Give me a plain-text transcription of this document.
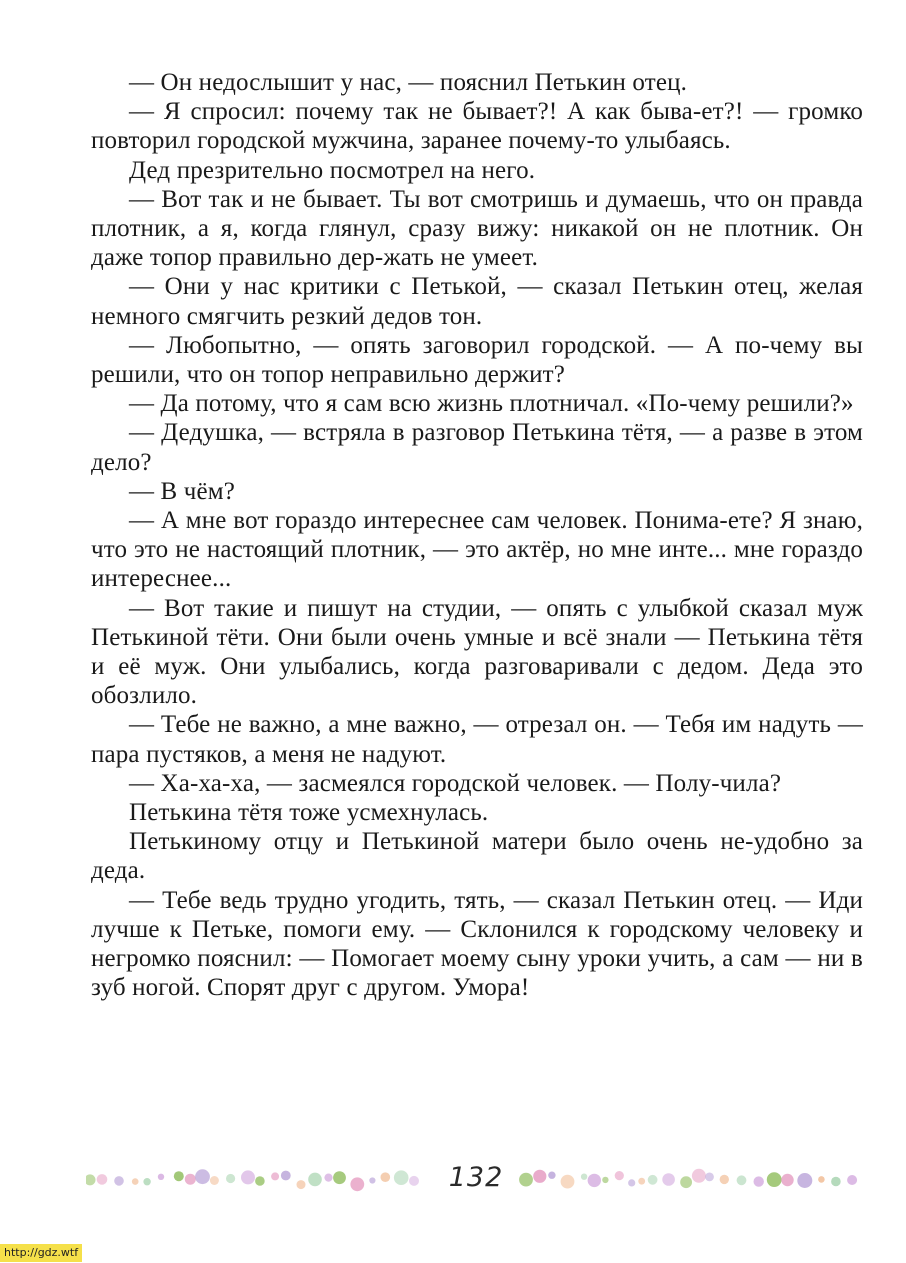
— Он недослышит у нас, — пояснил Петькин отец.

— Я спросил: почему так не бывает?! А как быва-ет?! — громко повторил городской мужчина, заранее почему-то улыбаясь.

Дед презрительно посмотрел на него.

— Вот так и не бывает. Ты вот смотришь и думаешь, что он правда плотник, а я, когда глянул, сразу вижу: никакой он не плотник. Он даже топор правильно дер-жать не умеет.

— Они у нас критики с Петькой, — сказал Петькин отец, желая немного смягчить резкий дедов тон.

— Любопытно, — опять заговорил городской. — А по-чему вы решили, что он топор неправильно держит?

— Да потому, что я сам всю жизнь плотничал. «По-чему решили?»

— Дедушка, — встряла в разговор Петькина тётя, — а разве в этом дело?

— В чём?

— А мне вот гораздо интереснее сам человек. Понима-ете? Я знаю, что это не настоящий плотник, — это актёр, но мне инте... мне гораздо интереснее...

— Вот такие и пишут на студии, — опять с улыбкой сказал муж Петькиной тёти. Они были очень умные и всё знали — Петькина тётя и её муж. Они улыбались, когда разговаривали с дедом. Деда это обозлило.

— Тебе не важно, а мне важно, — отрезал он. — Тебя им надуть — пара пустяков, а меня не надуют.

— Ха-ха-ха, — засмеялся городской человек. — Полу-чила?

Петькина тётя тоже усмехнулась.

Петькиному отцу и Петькиной матери было очень не-удобно за деда.

— Тебе ведь трудно угодить, тять, — сказал Петькин отец. — Иди лучше к Петьке, помоги ему. — Склонился к городскому человеку и негромко пояснил: — Помогает моему сыну уроки учить, а сам — ни в зуб ногой. Спорят друг с другом. Умора!

132
http://gdz.wtf
